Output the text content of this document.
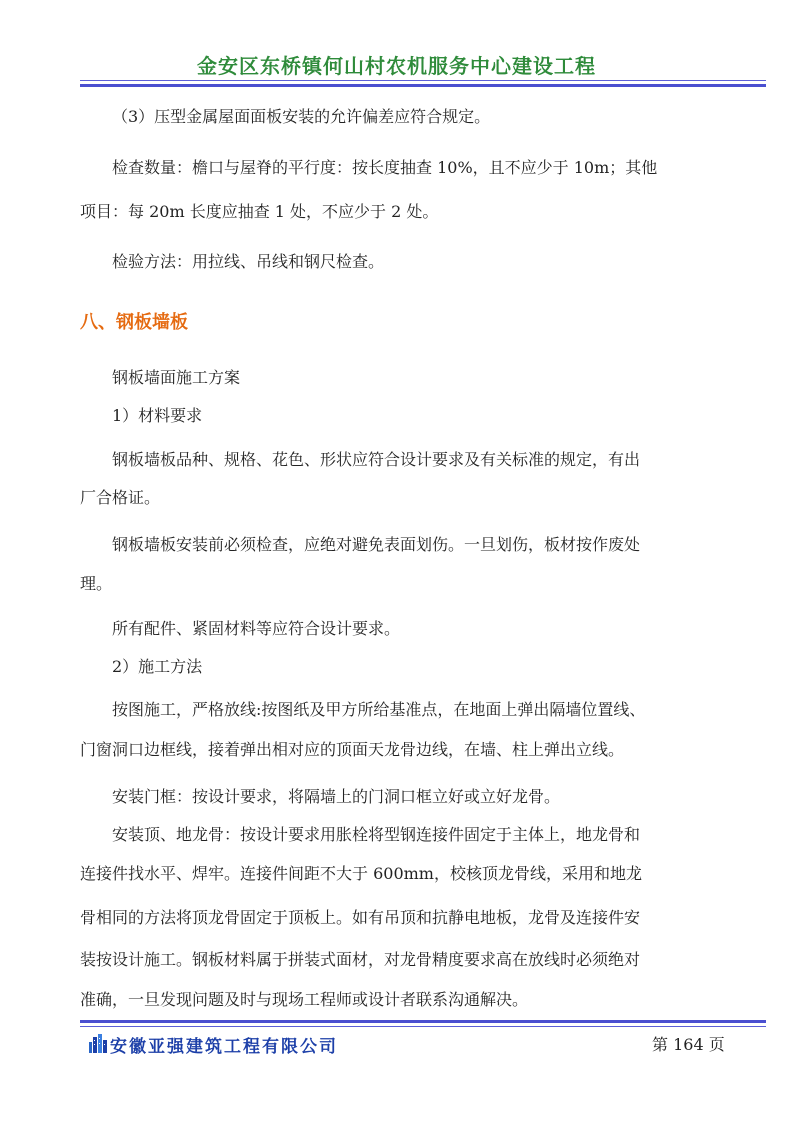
金安区东桥镇何山村农机服务中心建设工程
（3）压型金属屋面面板安装的允许偏差应符合规定。
检查数量：檐口与屋脊的平行度：按长度抽查 10%，且不应少于 10m；其他
项目：每 20m 长度应抽查 1 处，不应少于 2 处。
检验方法：用拉线、吊线和钢尺检查。
八、钢板墙板
钢板墙面施工方案
1）材料要求
钢板墙板品种、规格、花色、形状应符合设计要求及有关标准的规定，有出
厂合格证。
钢板墙板安装前必须检查，应绝对避免表面划伤。一旦划伤，板材按作废处
理。
所有配件、紧固材料等应符合设计要求。
2）施工方法
按图施工，严格放线:按图纸及甲方所给基准点，在地面上弹出隔墙位置线、
门窗洞口边框线，接着弹出相对应的顶面天龙骨边线，在墙、柱上弹出立线。
安装门框：按设计要求，将隔墙上的门洞口框立好或立好龙骨。
安装顶、地龙骨：按设计要求用胀栓将型钢连接件固定于主体上，地龙骨和
连接件找水平、焊牢。连接件间距不大于 600mm，校核顶龙骨线，采用和地龙
骨相同的方法将顶龙骨固定于顶板上。如有吊顶和抗静电地板，龙骨及连接件安
装按设计施工。钢板材料属于拼装式面材，对龙骨精度要求高在放线时必须绝对
准确，一旦发现问题及时与现场工程师或设计者联系沟通解决。
安徽亚强建筑工程有限公司	第 164 页
